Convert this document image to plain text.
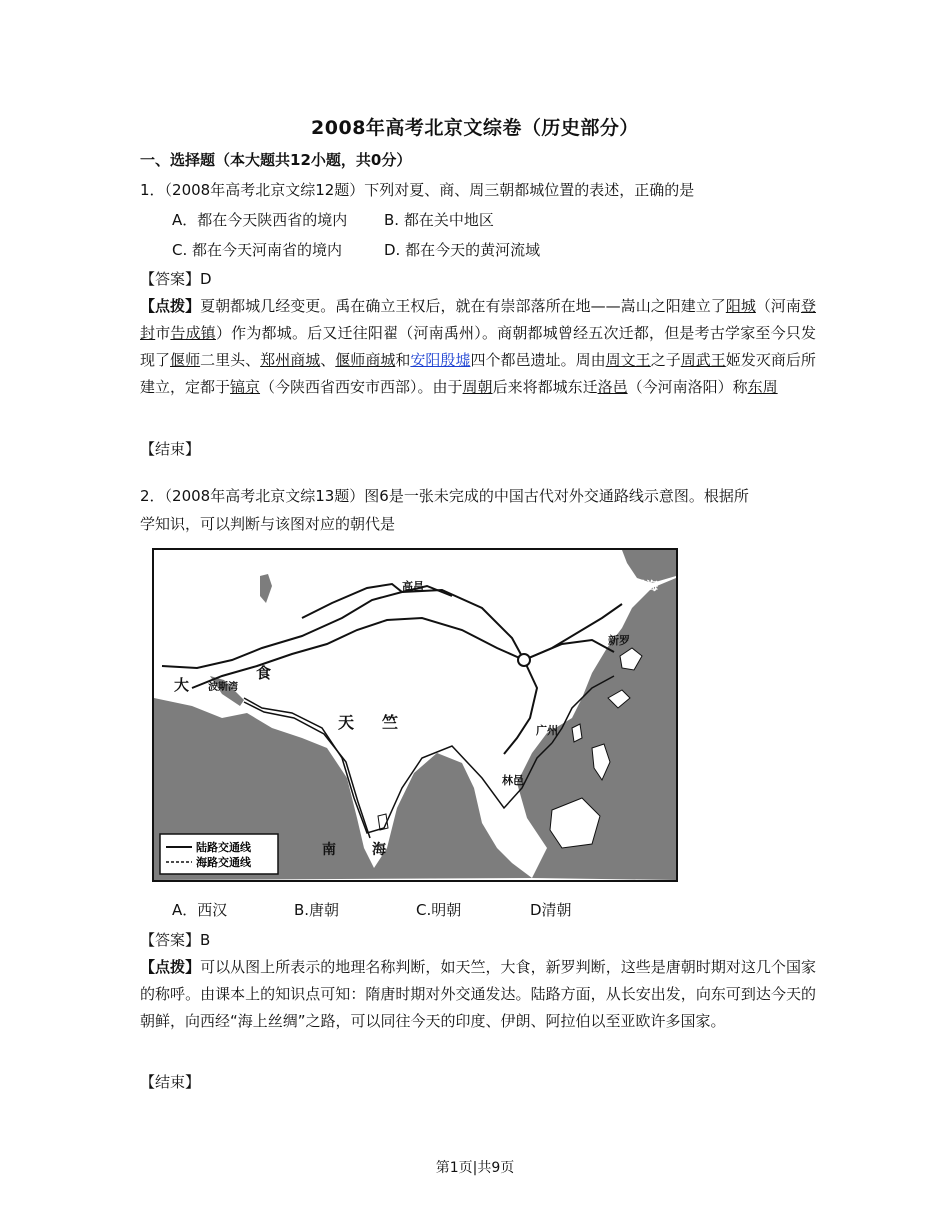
2008年高考北京文综卷（历史部分）
一、选择题（本大题共12小题，共0分）
1．（2008年高考北京文综12题）下列对夏、商、周三朝都城位置的表述，正确的是
A．都在今天陕西省的境内 B. 都在关中地区
C. 都在今天河南省的境内	D. 都在今天的黄河流域
【答案】D
【点拨】夏朝都城几经变更。禹在确立王权后，就在有崇部落所在地——嵩山之阳建立了阳城（河南登封市告成镇）作为都城。后又迁往阳翟（河南禹州）。商朝都城曾经五次迁都，但是考古学家至今只发现了偃师二里头、郑州商城、偃师商城和安阳殷墟四个都邑遗址。周由周文王之子周武王姬发灭商后所建立，定都于镐京（今陕西省西安市西部）。由于周朝后来将都城东迁洛邑（今河南洛阳）称东周
【结束】
2．（2008年高考北京文综13题）图6是一张未完成的中国古代对外交通路线示意图。根据所
学知识，可以判断与该图对应的朝代是
高昌	渤海
新罗
大
食
波斯湾
天 竺	广州
林邑
南	海
陆路交通线
海路交通线
A．西汉	B.唐朝	C.明朝	D清朝
【答案】B
【点拨】可以从图上所表示的地理名称判断，如天竺，大食，新罗判断，这些是唐朝时期对这几个国家的称呼。由课本上的知识点可知：隋唐时期对外交通发达。陆路方面，从长安出发，向东可到达今天的朝鲜，向西经“海上丝绸”之路，可以同往今天的印度、伊朗、阿拉伯以至亚欧许多国家。
【结束】
第1页|共9页
